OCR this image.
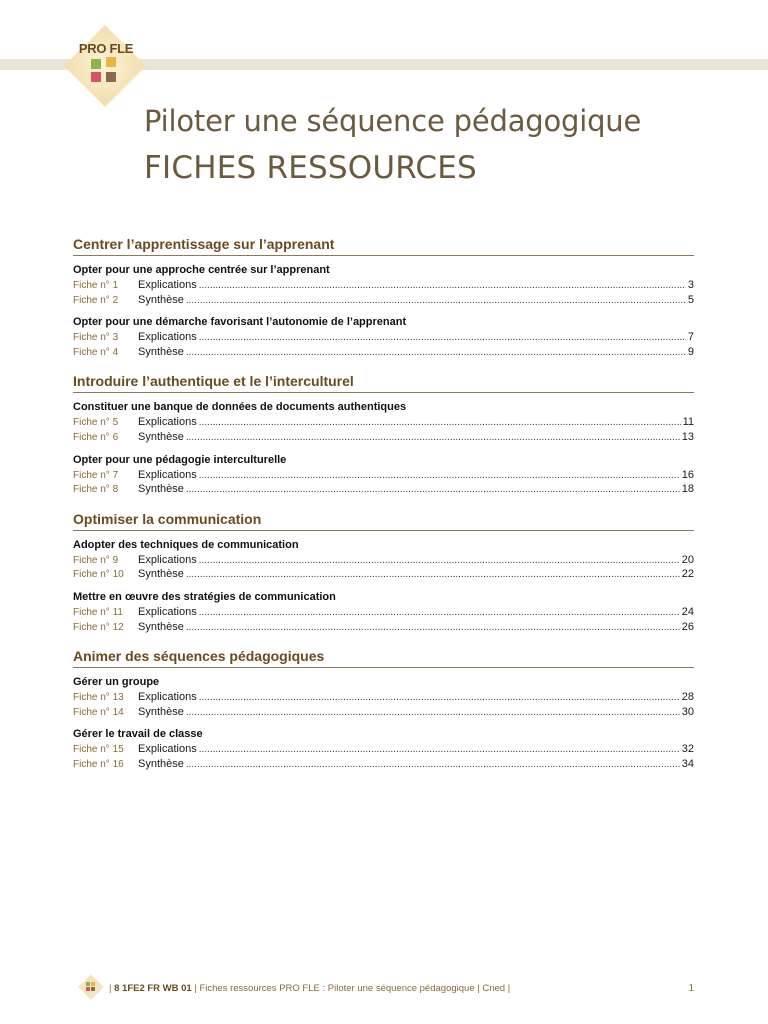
PRO FLE
Piloter une séquence pédagogique
FICHES RESSOURCES
Centrer l’apprentissage sur l’apprenant
Opter pour une approche centrée sur l’apprenant
Fiche n° 1	Explications .....	3
Fiche n° 2	Synthèse .....	5
Opter pour une démarche favorisant l’autonomie de l’apprenant
Fiche n° 3	Explications .....	7
Fiche n° 4	Synthèse .....	9
Introduire l’authentique et le l’interculturel
Constituer une banque de données de documents authentiques
Fiche n° 5	Explications .....	11
Fiche n° 6	Synthèse .....	13
Opter pour une pédagogie interculturelle
Fiche n° 7	Explications .....	16
Fiche n° 8	Synthèse .....	18
Optimiser la communication
Adopter des techniques de communication
Fiche n° 9	Explications .....	20
Fiche n° 10	Synthèse .....	22
Mettre en œuvre des stratégies de communication
Fiche n° 11	Explications .....	24
Fiche n° 12	Synthèse .....	26
Animer des séquences pédagogiques
Gérer un groupe
Fiche n° 13	Explications .....	28
Fiche n° 14	Synthèse .....	30
Gérer le travail de classe
Fiche n° 15	Explications .....	32
Fiche n° 16	Synthèse .....	34
| 8 1FE2 FR WB 01 | Fiches ressources PRO FLE : Piloter une séquence pédagogique | Cned |	1
